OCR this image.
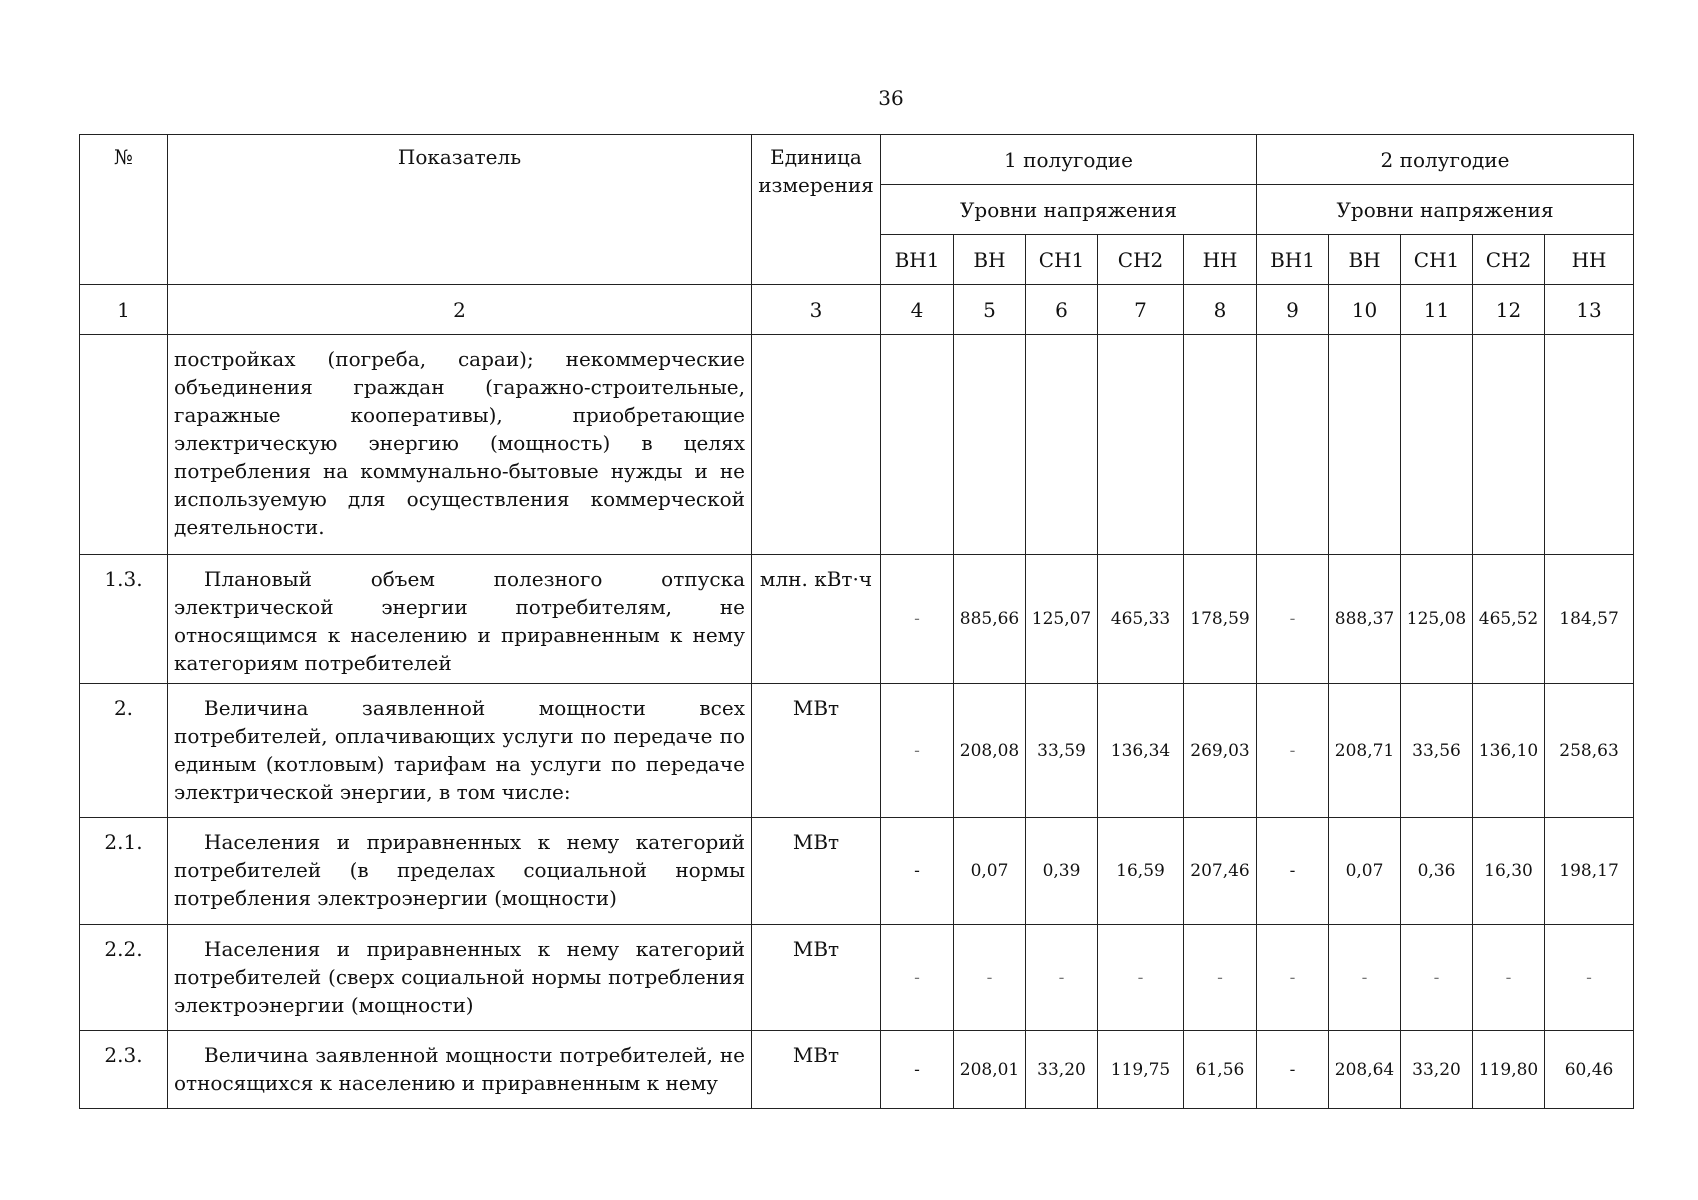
36
№	Показатель	Единица измерения	1 полугодие					2 полугодие				
			Уровни напряжения					Уровни напряжения				
			ВН1	ВН	СН1	СН2	НН	ВН1	ВН	СН1	СН2	НН
1	2	3	4	5	6	7	8	9	10	11	12	13
	постройках (погреба, сараи); некоммерческие объединения граждан (гаражно-строительные, гаражные кооперативы), приобретающие электрическую энергию (мощность) в целях потребления на коммунально-бытовые нужды и не используемую для осуществления коммерческой деятельности.											
1.3.	Плановый объем полезного отпуска электрической энергии потребителям, не относящимся к населению и приравненным к нему категориям потребителей	млн. кВт·ч	-	885,66	125,07	465,33	178,59	-	888,37	125,08	465,52	184,57
2.	Величина заявленной мощности всех потребителей, оплачивающих услуги по передаче по единым (котловым) тарифам на услуги по передаче электрической энергии, в том числе:	МВт	-	208,08	33,59	136,34	269,03	-	208,71	33,56	136,10	258,63
2.1.	Населения и приравненных к нему категорий потребителей (в пределах социальной нормы потребления электроэнергии (мощности)	МВт	-	0,07	0,39	16,59	207,46	-	0,07	0,36	16,30	198,17
2.2.	Населения и приравненных к нему категорий потребителей (сверх социальной нормы потребления электроэнергии (мощности)	МВт	-	-	-	-	-	-	-	-	-	-
2.3.	Величина заявленной мощности потребителей, не относящихся к населению и приравненным к нему	МВт	-	208,01	33,20	119,75	61,56	-	208,64	33,20	119,80	60,46
